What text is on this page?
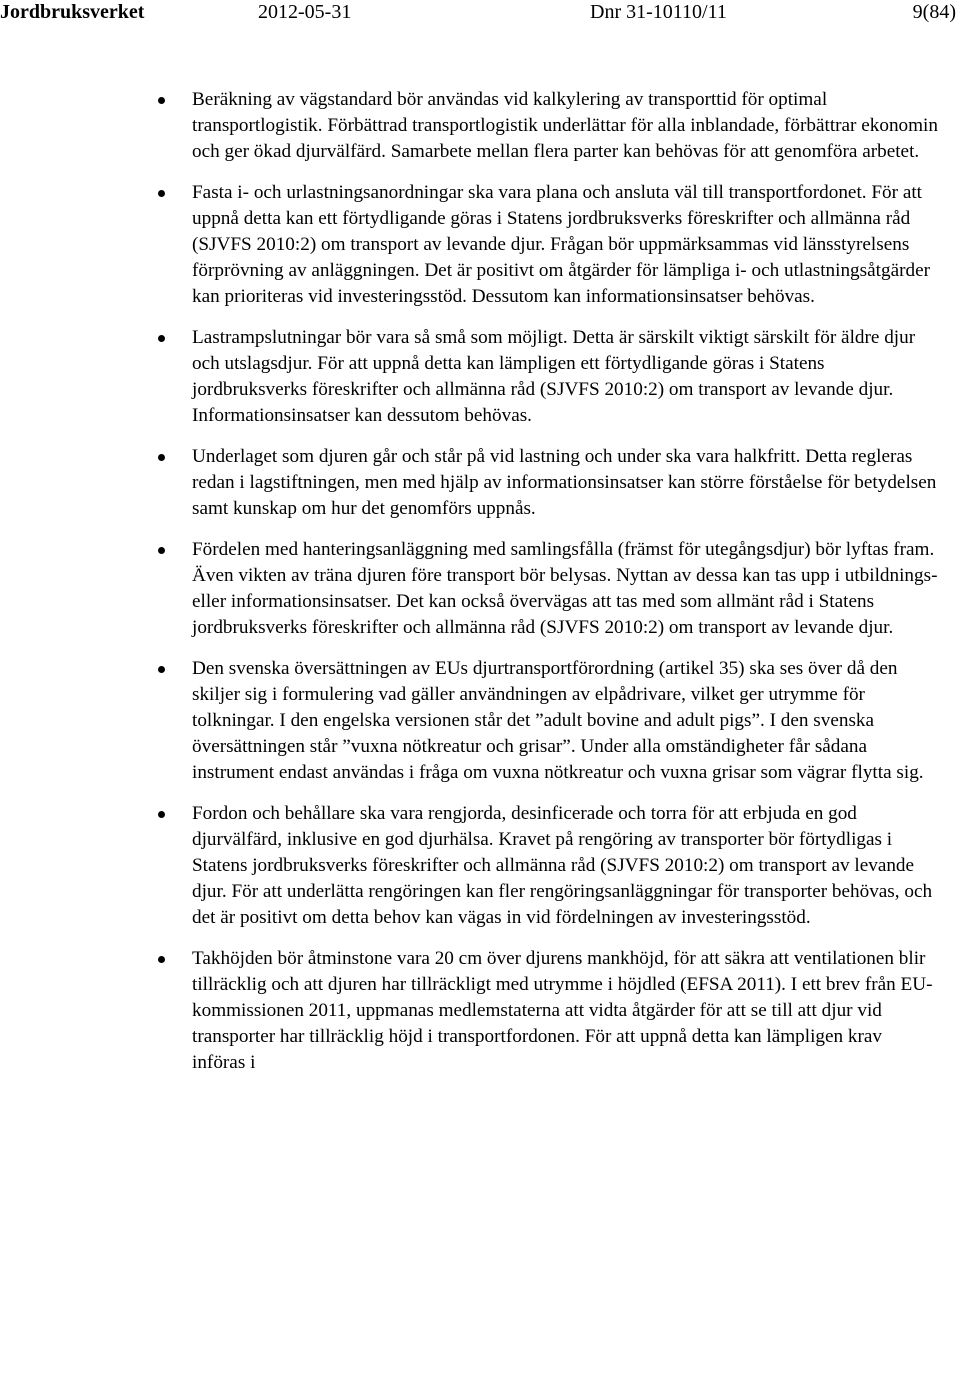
Jordbruksverket	2012-05-31	Dnr 31-10110/11	9(84)
Beräkning av vägstandard bör användas vid kalkylering av transporttid för optimal transportlogistik. Förbättrad transportlogistik underlättar för alla inblandade, förbättrar ekonomin och ger ökad djurvälfärd. Samarbete mellan flera parter kan behövas för att genomföra arbetet.
Fasta i- och urlastningsanordningar ska vara plana och ansluta väl till transportfordonet. För att uppnå detta kan ett förtydligande göras i Statens jordbruksverks föreskrifter och allmänna råd (SJVFS 2010:2) om transport av levande djur. Frågan bör uppmärksammas vid länsstyrelsens förprövning av anläggningen. Det är positivt om åtgärder för lämpliga i- och utlastningsåtgärder kan prioriteras vid investeringsstöd. Dessutom kan informationsinsatser behövas.
Lastrampslutningar bör vara så små som möjligt. Detta är särskilt viktigt särskilt för äldre djur och utslagsdjur. För att uppnå detta kan lämpligen ett förtydligande göras i Statens jordbruksverks föreskrifter och allmänna råd (SJVFS 2010:2) om transport av levande djur. Informationsinsatser kan dessutom behövas.
Underlaget som djuren går och står på vid lastning och under ska vara halkfritt. Detta regleras redan i lagstiftningen, men med hjälp av informationsinsatser kan större förståelse för betydelsen samt kunskap om hur det genomförs uppnås.
Fördelen med hanteringsanläggning med samlingsfålla (främst för utegångsdjur) bör lyftas fram. Även vikten av träna djuren före transport bör belysas. Nyttan av dessa kan tas upp i utbildnings- eller informationsinsatser. Det kan också övervägas att tas med som allmänt råd i Statens jordbruksverks föreskrifter och allmänna råd (SJVFS 2010:2) om transport av levande djur.
Den svenska översättningen av EUs djurtransportförordning (artikel 35) ska ses över då den skiljer sig i formulering vad gäller användningen av elpådrivare, vilket ger utrymme för tolkningar. I den engelska versionen står det ”adult bovine and adult pigs”. I den svenska översättningen står ”vuxna nötkreatur och grisar”. Under alla omständigheter får sådana instrument endast användas i fråga om vuxna nötkreatur och vuxna grisar som vägrar flytta sig.
Fordon och behållare ska vara rengjorda, desinficerade och torra för att erbjuda en god djurvälfärd, inklusive en god djurhälsa. Kravet på rengöring av transporter bör förtydligas i Statens jordbruksverks föreskrifter och allmänna råd (SJVFS 2010:2) om transport av levande djur. För att underlätta rengöringen kan fler rengöringsanläggningar för transporter behövas, och det är positivt om detta behov kan vägas in vid fördelningen av investeringsstöd.
Takhöjden bör åtminstone vara 20 cm över djurens mankhöjd, för att säkra att ventilationen blir tillräcklig och att djuren har tillräckligt med utrymme i höjdled (EFSA 2011). I ett brev från EU-kommissionen 2011, uppmanas medlemstaterna att vidta åtgärder för att se till att djur vid transporter har tillräcklig höjd i transportfordonen. För att uppnå detta kan lämpligen krav införas i
